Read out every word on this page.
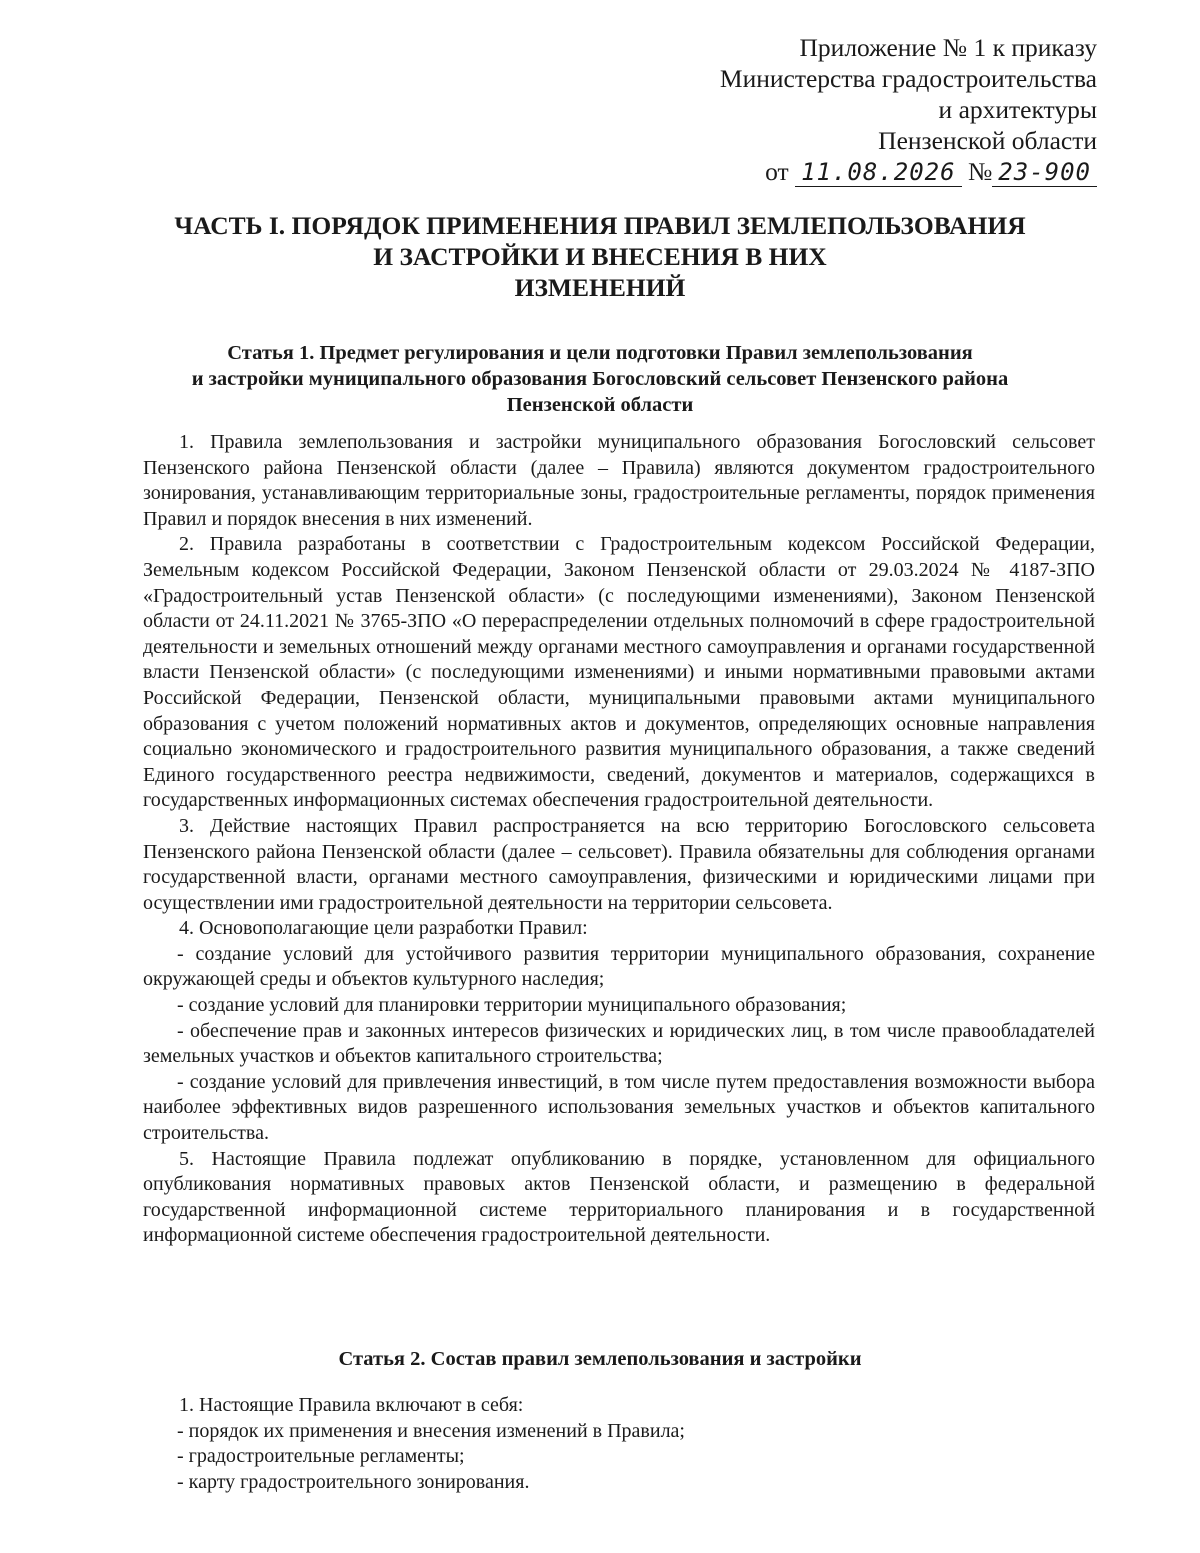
Приложение № 1 к приказу
Министерства градостроительства
и архитектуры
Пензенской области
от 11.08.2026 № 23-900
ЧАСТЬ I. ПОРЯДОК ПРИМЕНЕНИЯ ПРАВИЛ ЗЕМЛЕПОЛЬЗОВАНИЯ
И ЗАСТРОЙКИ И ВНЕСЕНИЯ В НИХ
ИЗМЕНЕНИЙ
Статья 1. Предмет регулирования и цели подготовки Правил землепользования
и застройки муниципального образования Богословский сельсовет Пензенского района
Пензенской области

1. Правила землепользования и застройки муниципального образования Богословский сельсовет Пензенского района Пензенской области (далее – Правила) являются документом градостроительного зонирования, устанавливающим территориальные зоны, градостроительные регламенты, порядок применения Правил и порядок внесения в них изменений.

2. Правила разработаны в соответствии с Градостроительным кодексом Российской Федерации, Земельным кодексом Российской Федерации, Законом Пензенской области от 29.03.2024 № 4187-ЗПО «Градостроительный устав Пензенской области» (с последующими изменениями), Законом Пензенской области от 24.11.2021 № 3765-ЗПО «О перераспределении отдельных полномочий в сфере градостроительной деятельности и земельных отношений между органами местного самоуправления и органами государственной власти Пензенской области» (с последующими изменениями) и иными нормативными правовыми актами Российской Федерации, Пензенской области, муниципальными правовыми актами муниципального образования с учетом положений нормативных актов и документов, определяющих основные направления социально экономического и градостроительного развития муниципального образования, а также сведений Единого государственного реестра недвижимости, сведений, документов и материалов, содержащихся в государственных информационных системах обеспечения градостроительной деятельности.

3. Действие настоящих Правил распространяется на всю территорию Богословского сельсовета Пензенского района Пензенской области (далее – сельсовет). Правила обязательны для соблюдения органами государственной власти, органами местного самоуправления, физическими и юридическими лицами при осуществлении ими градостроительной деятельности на территории сельсовета.

4. Основополагающие цели разработки Правил:

- создание условий для устойчивого развития территории муниципального образования, сохранение окружающей среды и объектов культурного наследия;

- создание условий для планировки территории муниципального образования;

- обеспечение прав и законных интересов физических и юридических лиц, в том числе правообладателей земельных участков и объектов капитального строительства;

- создание условий для привлечения инвестиций, в том числе путем предоставления возможности выбора наиболее эффективных видов разрешенного использования земельных участков и объектов капитального строительства.

5. Настоящие Правила подлежат опубликованию в порядке, установленном для официального опубликования нормативных правовых актов Пензенской области, и размещению в федеральной государственной информационной системе территориального планирования и в государственной информационной системе обеспечения градостроительной деятельности.

Статья 2. Состав правил землепользования и застройки

1. Настоящие Правила включают в себя:

- порядок их применения и внесения изменений в Правила;

- градостроительные регламенты;

- карту градостроительного зонирования.
